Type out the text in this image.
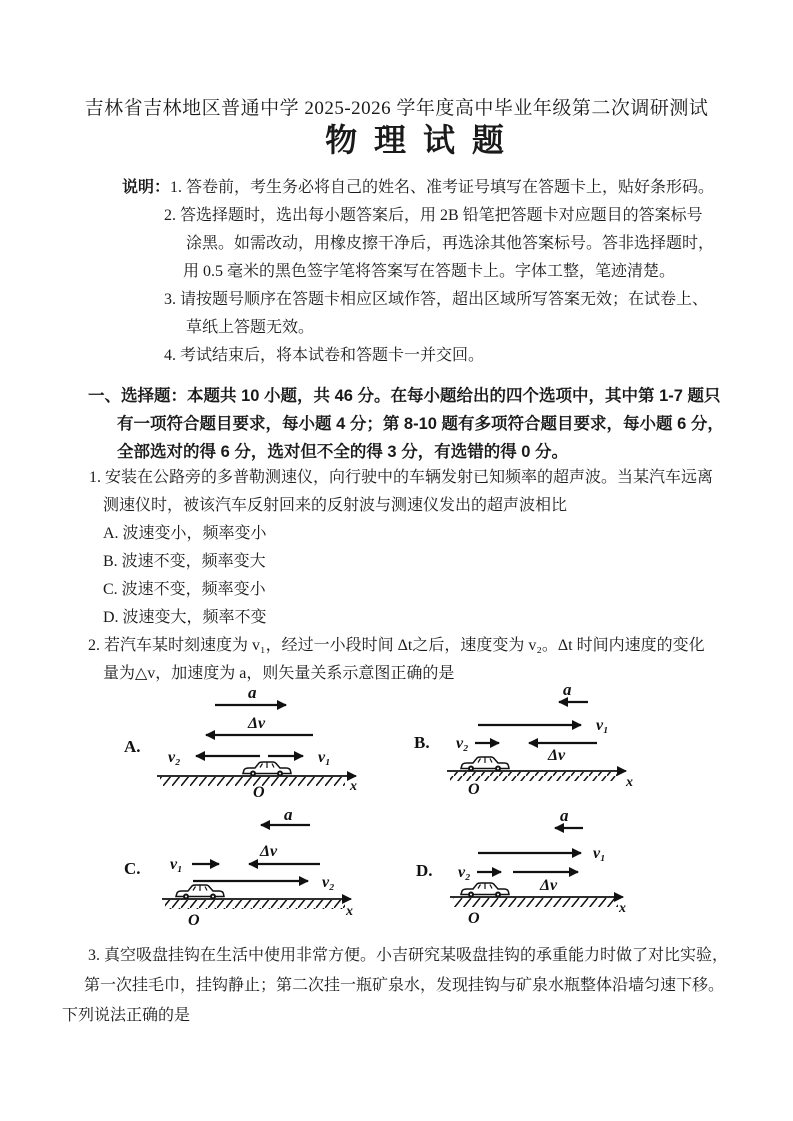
吉林省吉林地区普通中学 2025-2026 学年度高中毕业年级第二次调研测试
物 理 试 题
说明：1. 答卷前，考生务必将自己的姓名、准考证号填写在答题卡上，贴好条形码。
2. 答选择题时，选出每小题答案后，用 2B 铅笔把答题卡对应题目的答案标号
涂黑。如需改动，用橡皮擦干净后，再选涂其他答案标号。答非选择题时，
用 0.5 毫米的黑色签字笔将答案写在答题卡上。字体工整，笔迹清楚。
3. 请按题号顺序在答题卡相应区域作答，超出区域所写答案无效；在试卷上、
草纸上答题无效。
4. 考试结束后，将本试卷和答题卡一并交回。
一、选择题：本题共 10 小题，共 46 分。在每小题给出的四个选项中，其中第 1-7 题只
有一项符合题目要求，每小题 4 分；第 8-10 题有多项符合题目要求，每小题 6 分，
全部选对的得 6 分，选对但不全的得 3 分，有选错的得 0 分。
1. 安装在公路旁的多普勒测速仪，向行驶中的车辆发射已知频率的超声波。当某汽车远离
测速仪时，被该汽车反射回来的反射波与测速仪发出的超声波相比
A. 波速变小，频率变小
B. 波速不变，频率变大
C. 波速不变，频率变小
D. 波速变大，频率不变
2. 若汽车某时刻速度为 v₁，经过一小段时间 Δt之后，速度变为 v₂。Δt 时间内速度的变化
量为△v，加速度为 a，则矢量关系示意图正确的是
A.
a
Δv
v₂	v₁
x
O
B.
a
v₁
v₂
Δv
x
O
C.
a
Δv
v₁
v₂
x
O
D.
a
v₁
v₂
Δv
x
O
3. 真空吸盘挂钩在生活中使用非常方便。小吉研究某吸盘挂钩的承重能力时做了对比实验，
第一次挂毛巾，挂钩静止；第二次挂一瓶矿泉水，发现挂钩与矿泉水瓶整体沿墙匀速下移。
下列说法正确的是
